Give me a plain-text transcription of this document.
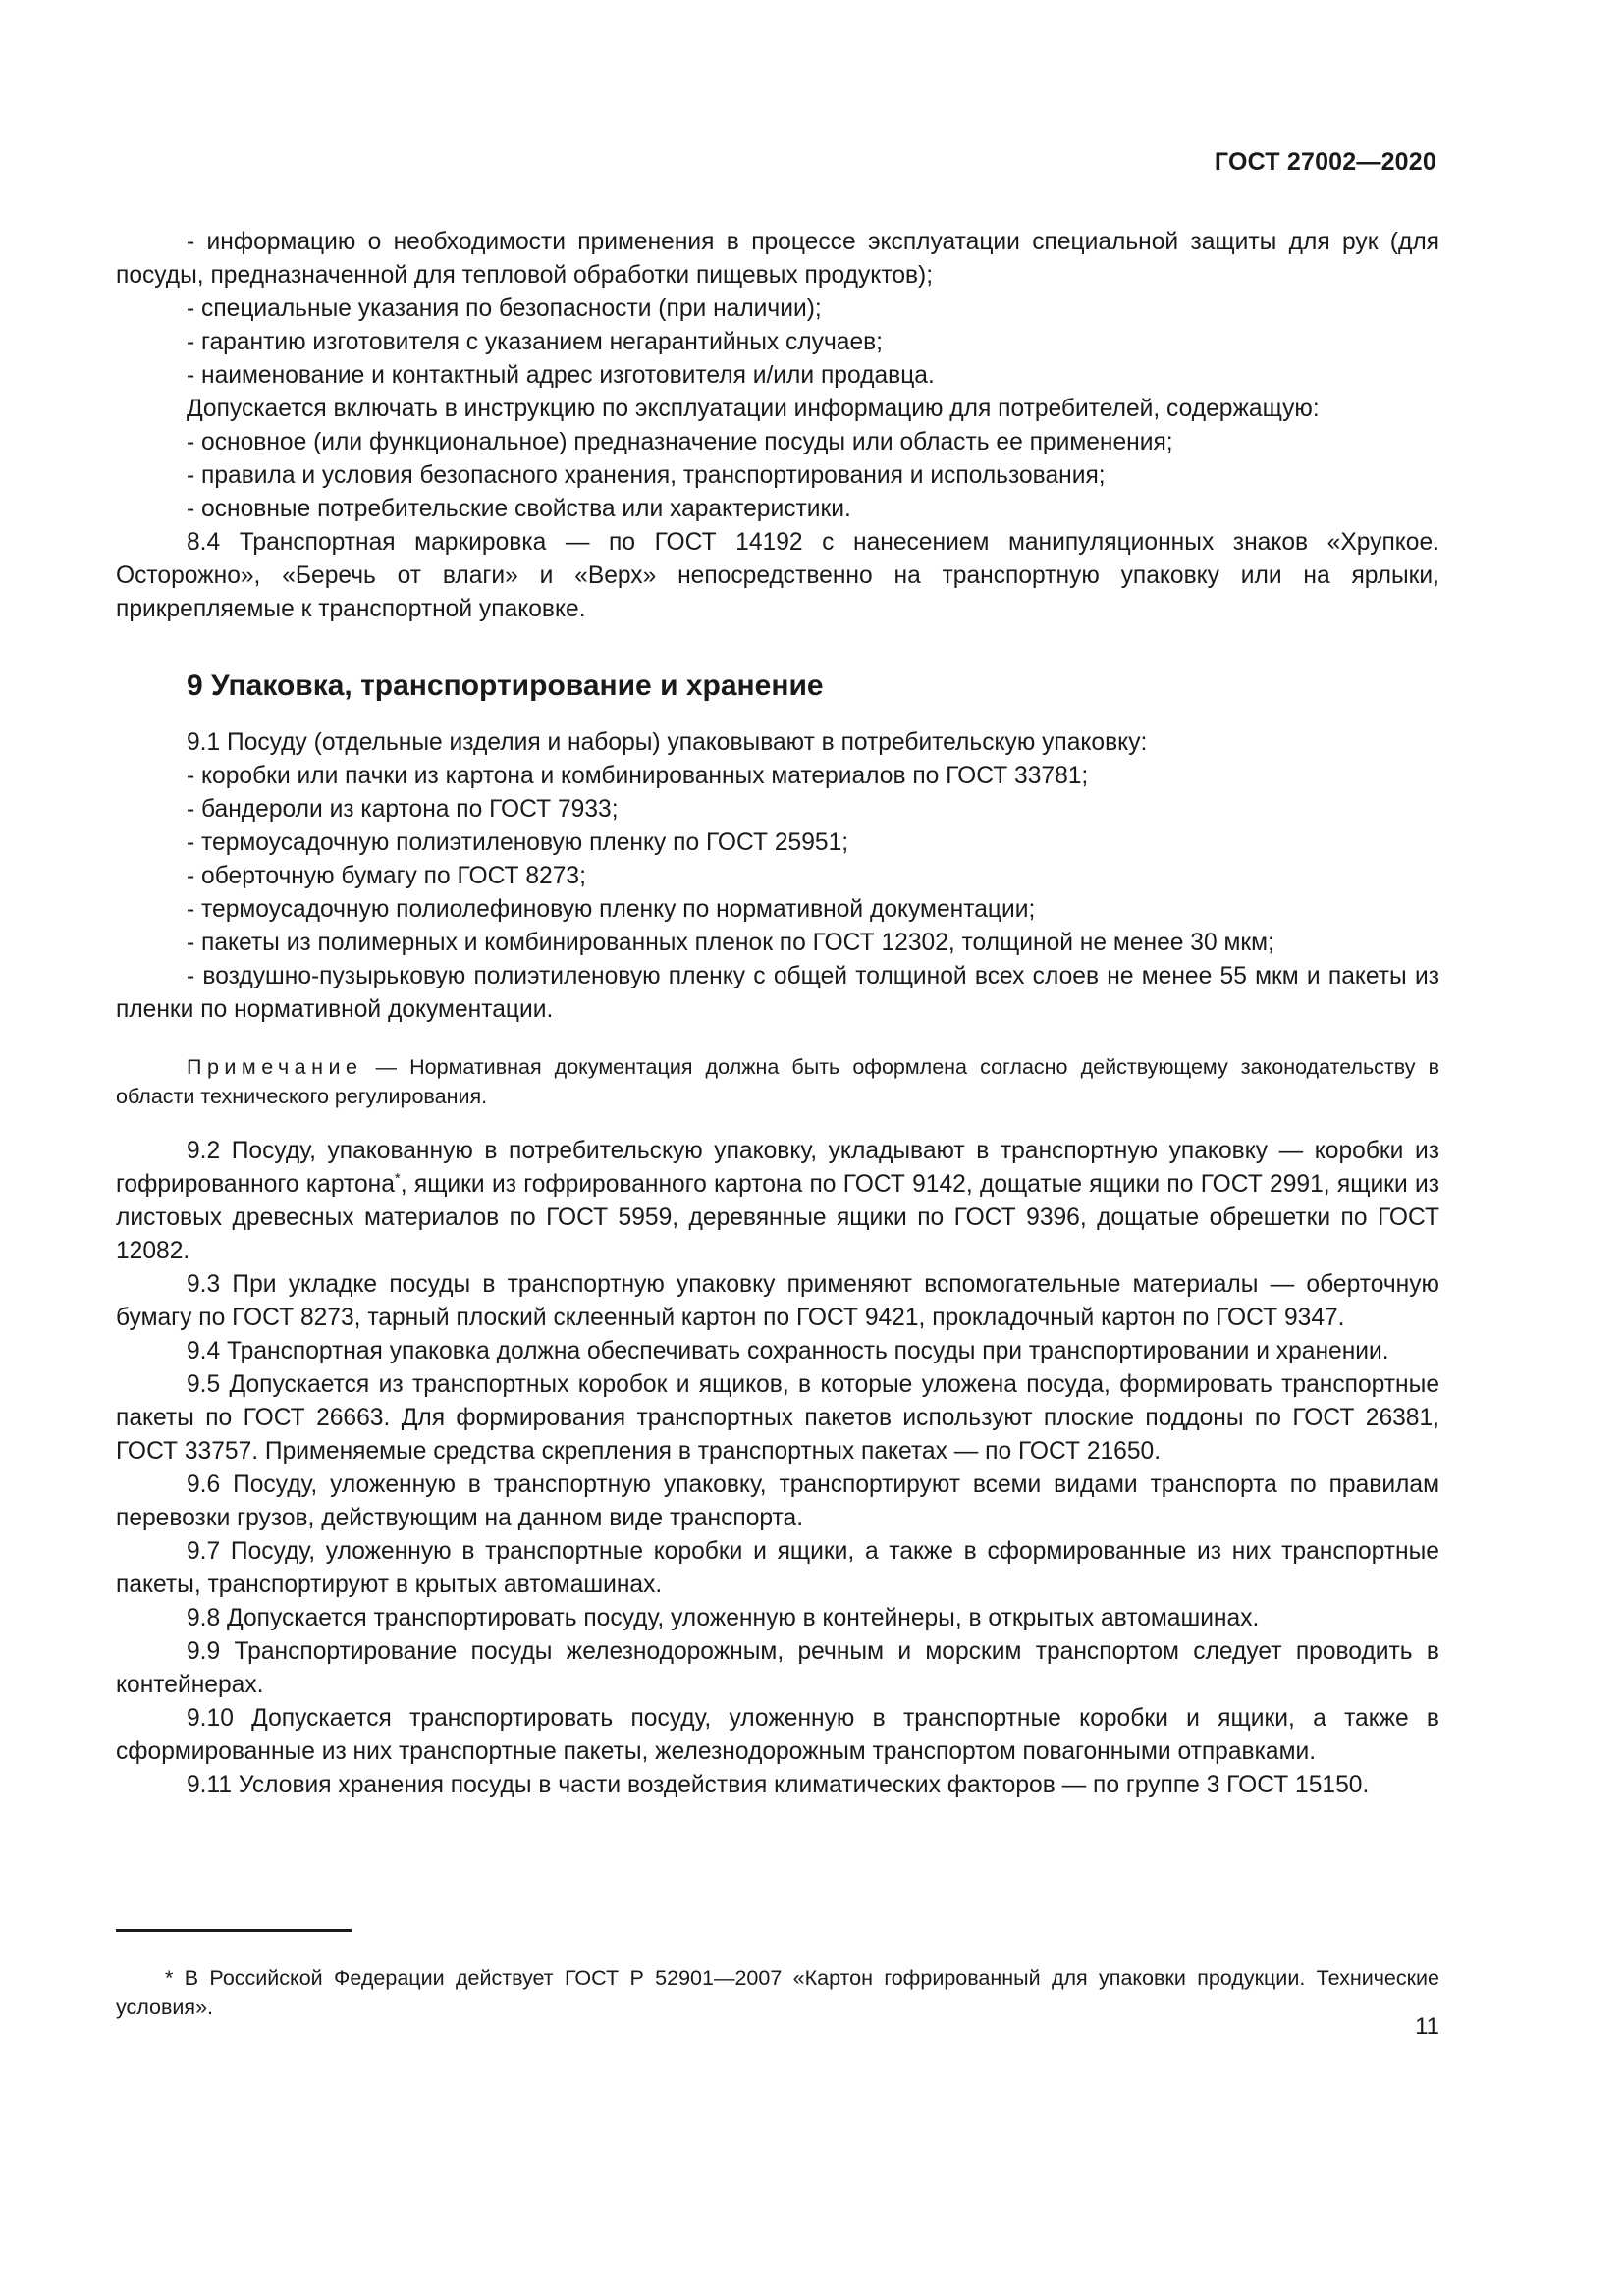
ГОСТ 27002—2020

- информацию о необходимости применения в процессе эксплуатации специальной защиты для рук (для посуды, предназначенной для тепловой обработки пищевых продуктов);

- специальные указания по безопасности (при наличии);

- гарантию изготовителя с указанием негарантийных случаев;

- наименование и контактный адрес изготовителя и/или продавца.

Допускается включать в инструкцию по эксплуатации информацию для потребителей, содержащую:

- основное (или функциональное) предназначение посуды или область ее применения;

- правила и условия безопасного хранения, транспортирования и использования;

- основные потребительские свойства или характеристики.

8.4 Транспортная маркировка — по ГОСТ 14192 с нанесением манипуляционных знаков «Хрупкое. Осторожно», «Беречь от влаги» и «Верх» непосредственно на транспортную упаковку или на ярлыки, прикрепляемые к транспортной упаковке.

9 Упаковка, транспортирование и хранение

9.1 Посуду (отдельные изделия и наборы) упаковывают в потребительскую упаковку:

- коробки или пачки из картона и комбинированных материалов по ГОСТ 33781;

- бандероли из картона по ГОСТ 7933;

- термоусадочную полиэтиленовую пленку по ГОСТ 25951;

- оберточную бумагу по ГОСТ 8273;

- термоусадочную полиолефиновую пленку по нормативной документации;

- пакеты из полимерных и комбинированных пленок по ГОСТ 12302, толщиной не менее 30 мкм;

- воздушно-пузырьковую полиэтиленовую пленку с общей толщиной всех слоев не менее 55 мкм и пакеты из пленки по нормативной документации.

Примечание — Нормативная документация должна быть оформлена согласно действующему законодательству в области технического регулирования.

9.2 Посуду, упакованную в потребительскую упаковку, укладывают в транспортную упаковку — коробки из гофрированного картона*, ящики из гофрированного картона по ГОСТ 9142, дощатые ящики по ГОСТ 2991, ящики из листовых древесных материалов по ГОСТ 5959, деревянные ящики по ГОСТ 9396, дощатые обрешетки по ГОСТ 12082.

9.3 При укладке посуды в транспортную упаковку применяют вспомогательные материалы — оберточную бумагу по ГОСТ 8273, тарный плоский склеенный картон по ГОСТ 9421, прокладочный картон по ГОСТ 9347.

9.4 Транспортная упаковка должна обеспечивать сохранность посуды при транспортировании и хранении.

9.5 Допускается из транспортных коробок и ящиков, в которые уложена посуда, формировать транспортные пакеты по ГОСТ 26663. Для формирования транспортных пакетов используют плоские поддоны по ГОСТ 26381, ГОСТ 33757. Применяемые средства скрепления в транспортных пакетах — по ГОСТ 21650.

9.6 Посуду, уложенную в транспортную упаковку, транспортируют всеми видами транспорта по правилам перевозки грузов, действующим на данном виде транспорта.

9.7 Посуду, уложенную в транспортные коробки и ящики, а также в сформированные из них транспортные пакеты, транспортируют в крытых автомашинах.

9.8 Допускается транспортировать посуду, уложенную в контейнеры, в открытых автомашинах.

9.9 Транспортирование посуды железнодорожным, речным и морским транспортом следует проводить в контейнерах.

9.10 Допускается транспортировать посуду, уложенную в транспортные коробки и ящики, а также в сформированные из них транспортные пакеты, железнодорожным транспортом повагонными отправками.

9.11 Условия хранения посуды в части воздействия климатических факторов — по группе 3 ГОСТ 15150.

* В Российской Федерации действует ГОСТ Р 52901—2007 «Картон гофрированный для упаковки продукции. Технические условия».

11
